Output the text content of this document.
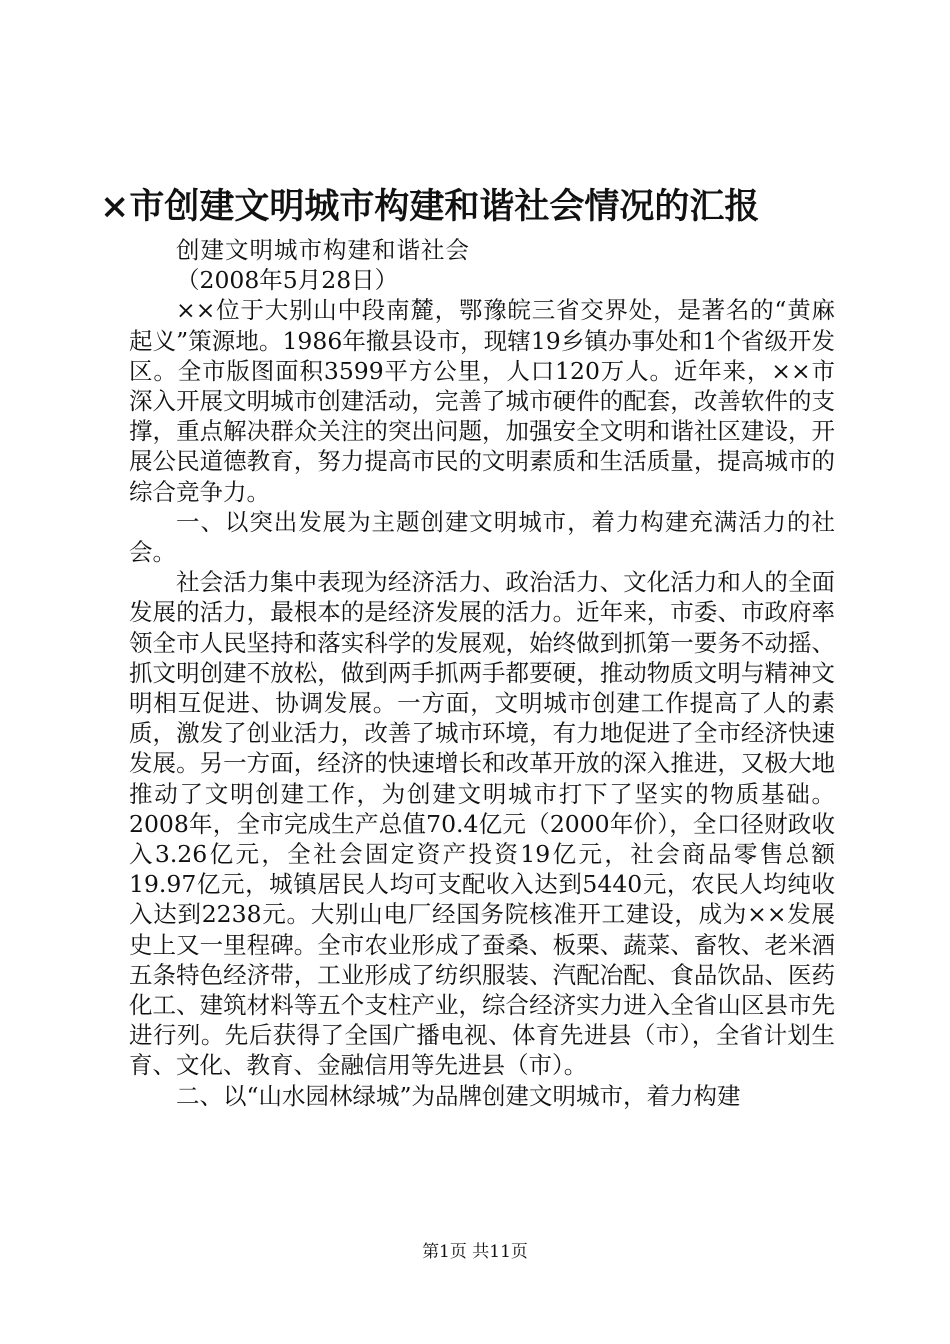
×市创建文明城市构建和谐社会情况的汇报

创建文明城市构建和谐社会

（2008年5月28日）

××位于大别山中段南麓，鄂豫皖三省交界处，是著名的“黄麻起义”策源地。1986年撤县设市，现辖19乡镇办事处和1个省级开发区。全市版图面积3599平方公里，人口120万人。近年来，××市深入开展文明城市创建活动，完善了城市硬件的配套，改善软件的支撑，重点解决群众关注的突出问题，加强安全文明和谐社区建设，开展公民道德教育，努力提高市民的文明素质和生活质量，提高城市的综合竞争力。

一、以突出发展为主题创建文明城市，着力构建充满活力的社会。

社会活力集中表现为经济活力、政治活力、文化活力和人的全面发展的活力，最根本的是经济发展的活力。近年来，市委、市政府率领全市人民坚持和落实科学的发展观，始终做到抓第一要务不动摇、抓文明创建不放松，做到两手抓两手都要硬，推动物质文明与精神文明相互促进、协调发展。一方面，文明城市创建工作提高了人的素质，激发了创业活力，改善了城市环境，有力地促进了全市经济快速发展。另一方面，经济的快速增长和改革开放的深入推进，又极大地推动了文明创建工作，为创建文明城市打下了坚实的物质基础。2008年，全市完成生产总值70.4亿元（2000年价），全口径财政收入3.26亿元，全社会固定资产投资19亿元，社会商品零售总额19.97亿元，城镇居民人均可支配收入达到5440元，农民人均纯收入达到2238元。大别山电厂经国务院核准开工建设，成为××发展史上又一里程碑。全市农业形成了蚕桑、板栗、蔬菜、畜牧、老米酒五条特色经济带，工业形成了纺织服装、汽配冶配、食品饮品、医药化工、建筑材料等五个支柱产业，综合经济实力进入全省山区县市先进行列。先后获得了全国广播电视、体育先进县（市），全省计划生育、文化、教育、金融信用等先进县（市）。

二、以“山水园林绿城”为品牌创建文明城市，着力构建

第1页 共11页
